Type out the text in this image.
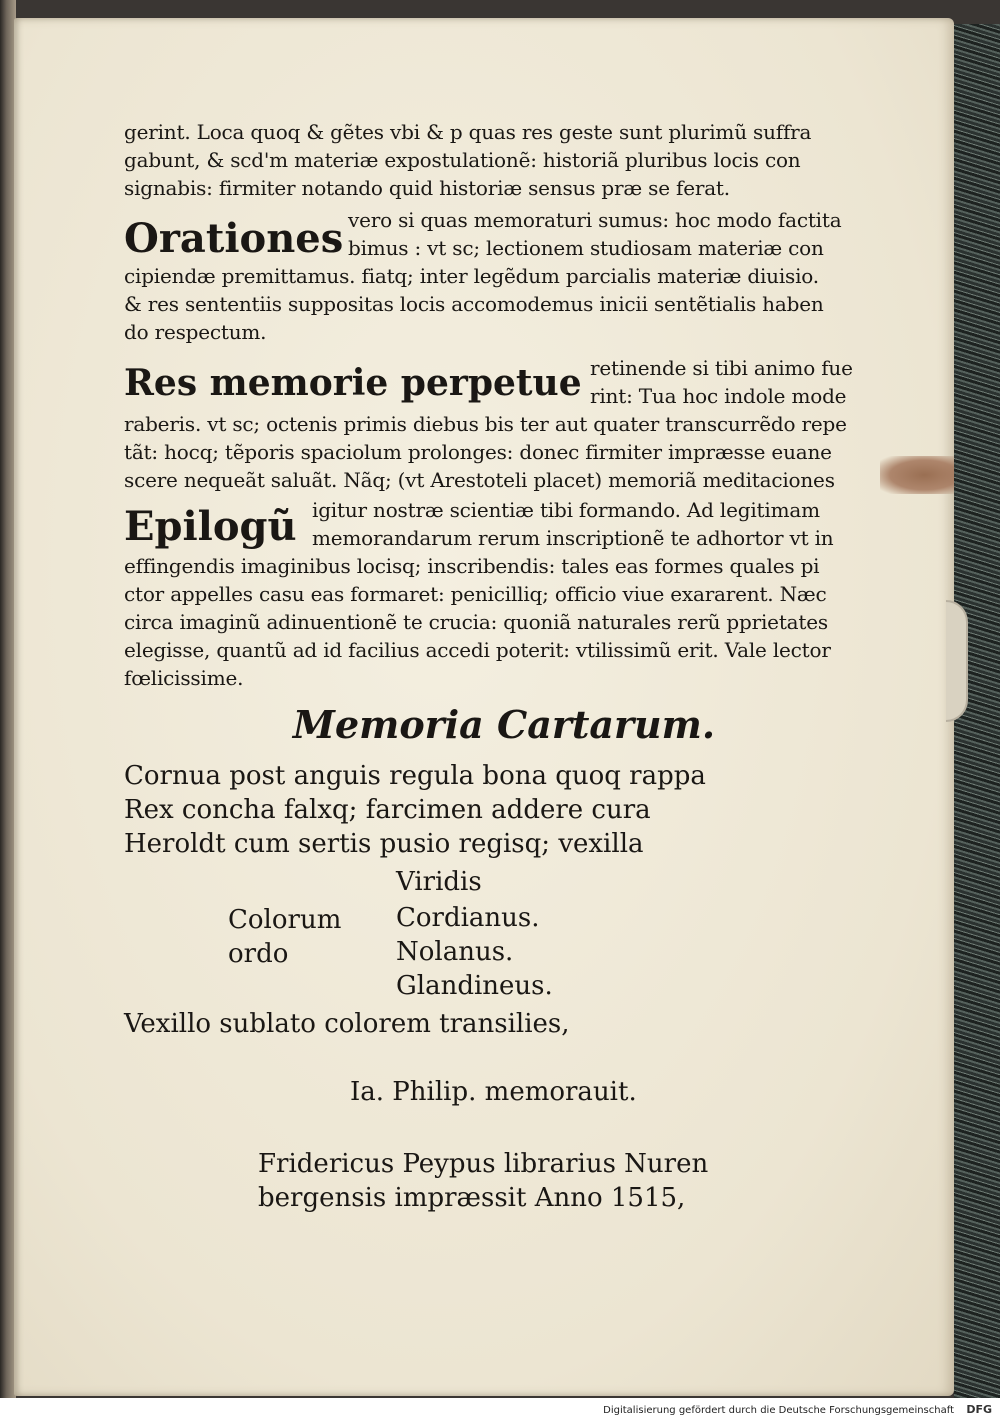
gerint. Loca quoq & gẽtes vbi & p quas res geste sunt plurimũ suffra
gabunt, & scd'm materiæ expostulationẽ: historiã pluribus locis con
signabis: firmiter notando quid historiæ sensus præ se ferat.
Orationes vero si quas memoraturi sumus: hoc modo factita
bimus : vt sc; lectionem studiosam materiæ con
cipiendæ premittamus. fiatq; inter legẽdum parcialis materiæ diuisio.
& res sententiis suppositas locis accomodemus inicii sentẽtialis haben
do respectum.
Res memorie perpetue retinende si tibi animo fue
rint: Tua hoc indole mode
raberis. vt sc; octenis primis diebus bis ter aut quater transcurrẽdo repe
tãt: hocq; tẽporis spaciolum prolonges: donec firmiter impræsse euane
scere nequeãt saluãt. Nãq; (vt Arestoteli placet) memoriã meditaciones
Epilogũ igitur nostræ scientiæ tibi formando. Ad legitimam
memorandarum rerum inscriptionẽ te adhortor vt in
effingendis imaginibus locisq; inscribendis: tales eas formes quales pi
ctor appelles casu eas formaret: penicilliq; officio viue exararent. Næc
circa imaginũ adinuentionẽ te crucia: quoniã naturales rerũ pprietates
elegisse, quantũ ad id facilius accedi poterit: vtilissimũ erit. Vale lector
fœlicissime.
Memoria Cartarum.
Cornua post anguis regula bona quoq rappa
Rex concha falxq; farcimen addere cura
Heroldt cum sertis pusio regisq; vexilla
Colorum
ordo
Viridis
Cordianus.
Nolanus.
Glandineus.
Vexillo sublato colorem transilies,
Ia. Philip. memorauit.
Fridericus Peypus librarius Nuren
bergensis impræssit Anno 1515,
Digitalisierung gefördert durch die Deutsche Forschungsgemeinschaft DFG
